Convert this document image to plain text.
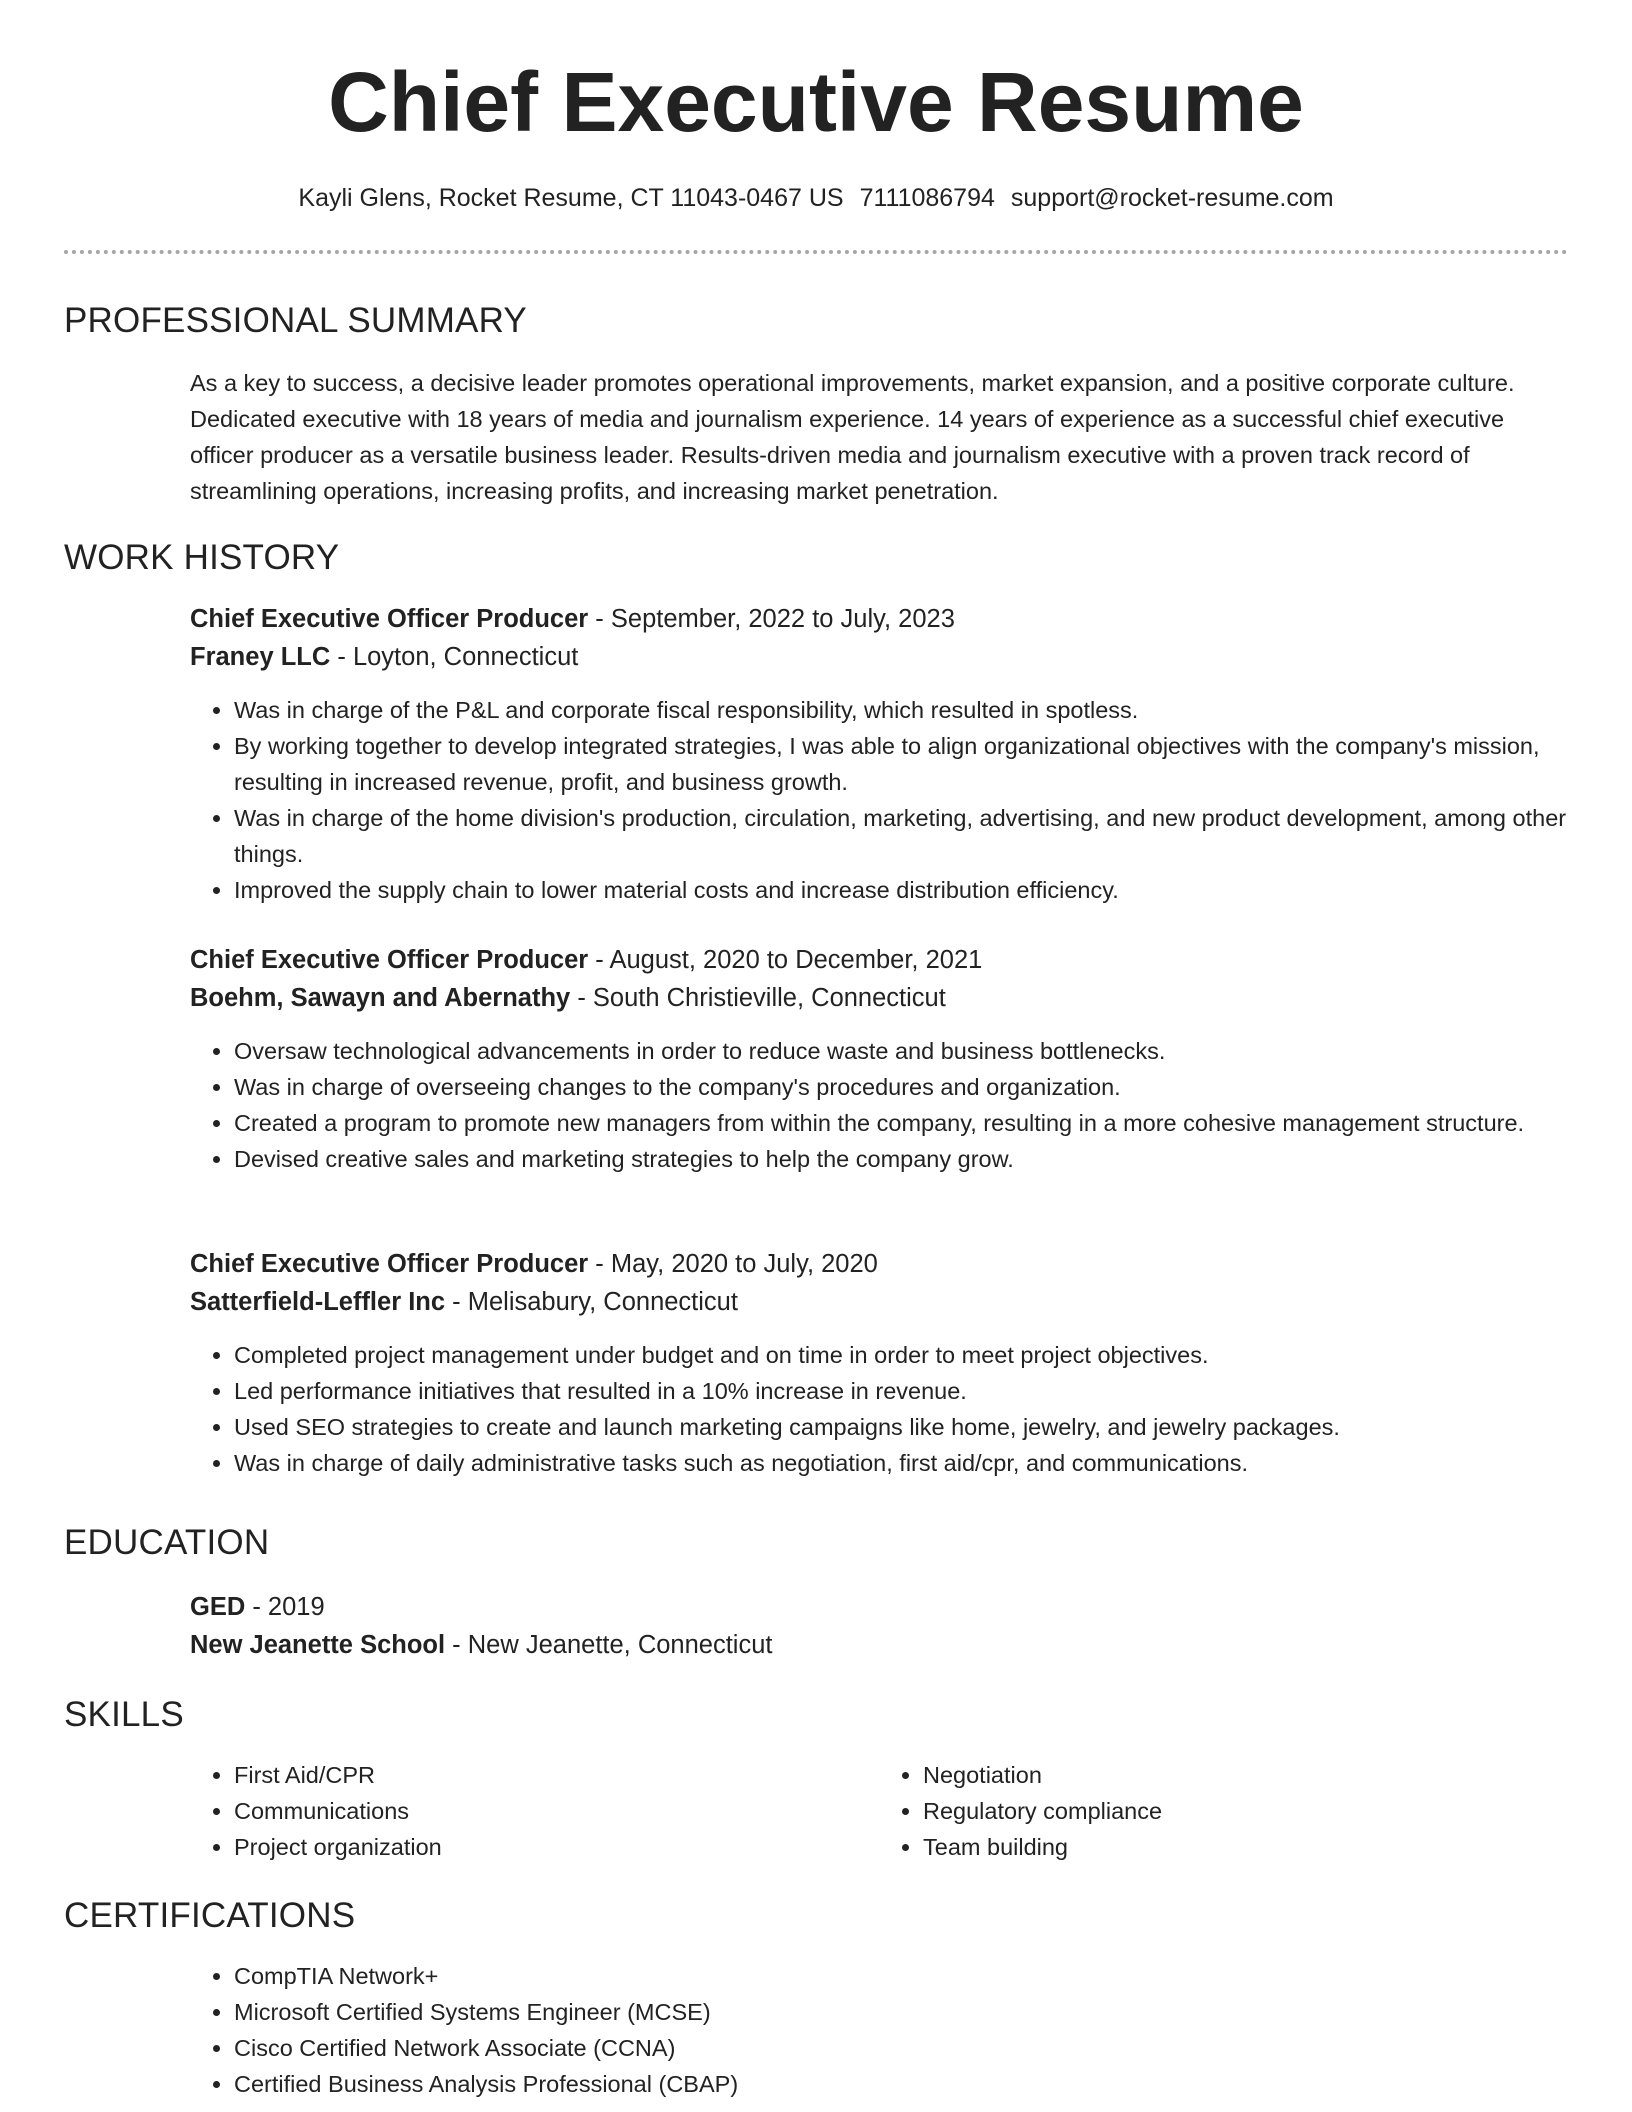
Chief Executive Resume
Kayli Glens, Rocket Resume, CT 11043-0467 US 7111086794 support@rocket-resume.com
PROFESSIONAL SUMMARY

As a key to success, a decisive leader promotes operational improvements, market expansion, and a positive corporate culture. Dedicated executive with 18 years of media and journalism experience. 14 years of experience as a successful chief executive officer producer as a versatile business leader. Results-driven media and journalism executive with a proven track record of streamlining operations, increasing profits, and increasing market penetration.

WORK HISTORY

Chief Executive Officer Producer - September, 2022 to July, 2023

Franey LLC - Loyton, Connecticut

• Was in charge of the P&L and corporate fiscal responsibility, which resulted in spotless.
• By working together to develop integrated strategies, I was able to align organizational objectives with the company's mission, resulting in increased revenue, profit, and business growth.
• Was in charge of the home division's production, circulation, marketing, advertising, and new product development, among other things.
• Improved the supply chain to lower material costs and increase distribution efficiency.

Chief Executive Officer Producer - August, 2020 to December, 2021

Boehm, Sawayn and Abernathy - South Christieville, Connecticut

• Oversaw technological advancements in order to reduce waste and business bottlenecks.
• Was in charge of overseeing changes to the company's procedures and organization.
• Created a program to promote new managers from within the company, resulting in a more cohesive management structure.
• Devised creative sales and marketing strategies to help the company grow.

Chief Executive Officer Producer - May, 2020 to July, 2020

Satterfield-Leffler Inc - Melisabury, Connecticut

• Completed project management under budget and on time in order to meet project objectives.
• Led performance initiatives that resulted in a 10% increase in revenue.
• Used SEO strategies to create and launch marketing campaigns like home, jewelry, and jewelry packages.
• Was in charge of daily administrative tasks such as negotiation, first aid/cpr, and communications.
EDUCATION

GED - 2019

New Jeanette School - New Jeanette, Connecticut

SKILLS
• First Aid/CPR
• Communications
• Project organization
• Negotiation
• Regulatory compliance
• Team building
CERTIFICATIONS
• CompTIA Network+
• Microsoft Certified Systems Engineer (MCSE)
• Cisco Certified Network Associate (CCNA)
• Certified Business Analysis Professional (CBAP)
